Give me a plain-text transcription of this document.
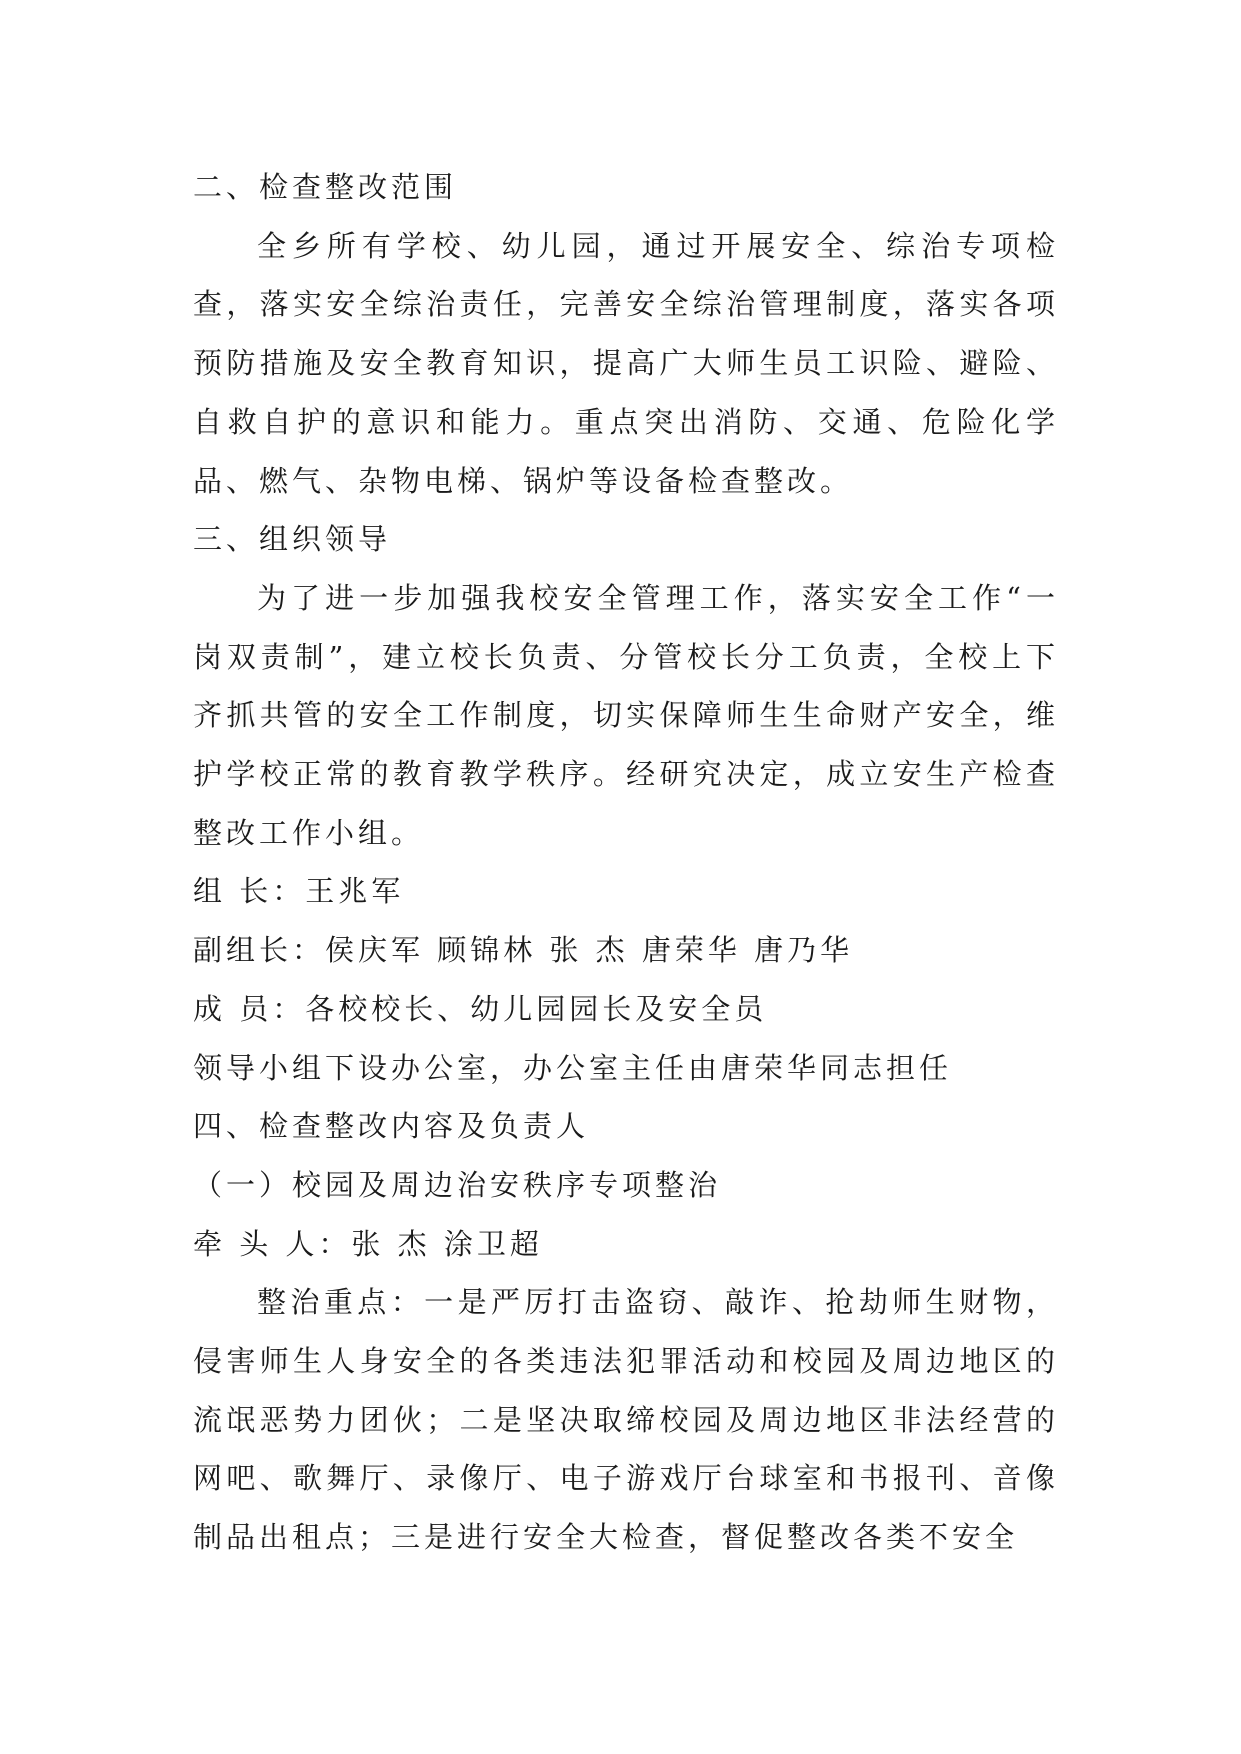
二、检查整改范围

全乡所有学校、幼儿园，通过开展安全、综治专项检查，落实安全综治责任，完善安全综治管理制度，落实各项预防措施及安全教育知识，提高广大师生员工识险、避险、自救自护的意识和能力。重点突出消防、交通、危险化学品、燃气、杂物电梯、锅炉等设备检查整改。

三、组织领导

为了进一步加强我校安全管理工作，落实安全工作“一岗双责制”，建立校长负责、分管校长分工负责，全校上下齐抓共管的安全工作制度，切实保障师生生命财产安全，维护学校正常的教育教学秩序。经研究决定，成立安生产检查整改工作小组。

组 长：王兆军

副组长：侯庆军 顾锦林 张 杰 唐荣华 唐乃华

成 员：各校校长、幼儿园园长及安全员

领导小组下设办公室，办公室主任由唐荣华同志担任

四、检查整改内容及负责人

（一）校园及周边治安秩序专项整治

牵 头 人：张 杰 涂卫超

整治重点：一是严厉打击盗窃、敲诈、抢劫师生财物，侵害师生人身安全的各类违法犯罪活动和校园及周边地区的流氓恶势力团伙；二是坚决取缔校园及周边地区非法经营的网吧、歌舞厅、录像厅、电子游戏厅台球室和书报刊、音像制品出租点；三是进行安全大检查，督促整改各类不安全
